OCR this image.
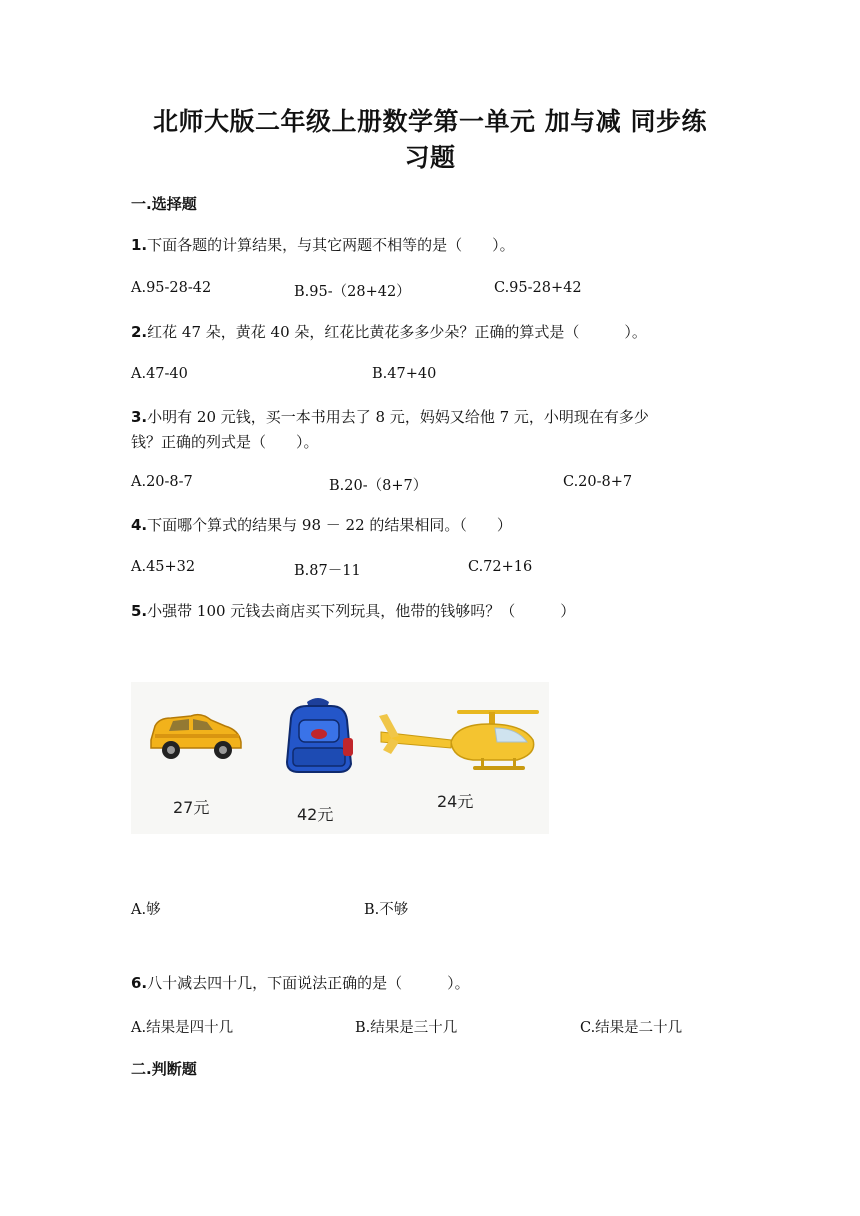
北师大版二年级上册数学第一单元 加与减 同步练
习题
一.选择题
1.下面各题的计算结果，与其它两题不相等的是（　　）。
A.95-28-42	B.95-（28+42）	C.95-28+42
2.红花 47 朵，黄花 40 朵，红花比黄花多多少朵？正确的算式是（　　　）。
A.47-40	B.47+40
3.小明有 20 元钱，买一本书用去了 8 元，妈妈又给他 7 元，小明现在有多少
钱？正确的列式是（　　）。
A.20-8-7	B.20-（8+7）	C.20-8+7
4.下面哪个算式的结果与 98 － 22 的结果相同。（　　）
A.45+32	B.87－11	C.72+16
5.小强带 100 元钱去商店买下列玩具，他带的钱够吗？（　　　）
27元	42元
24元
A.够	B.不够
6.八十减去四十几，下面说法正确的是（　　　）。
A.结果是四十几	B.结果是三十几	C.结果是二十几
二.判断题
